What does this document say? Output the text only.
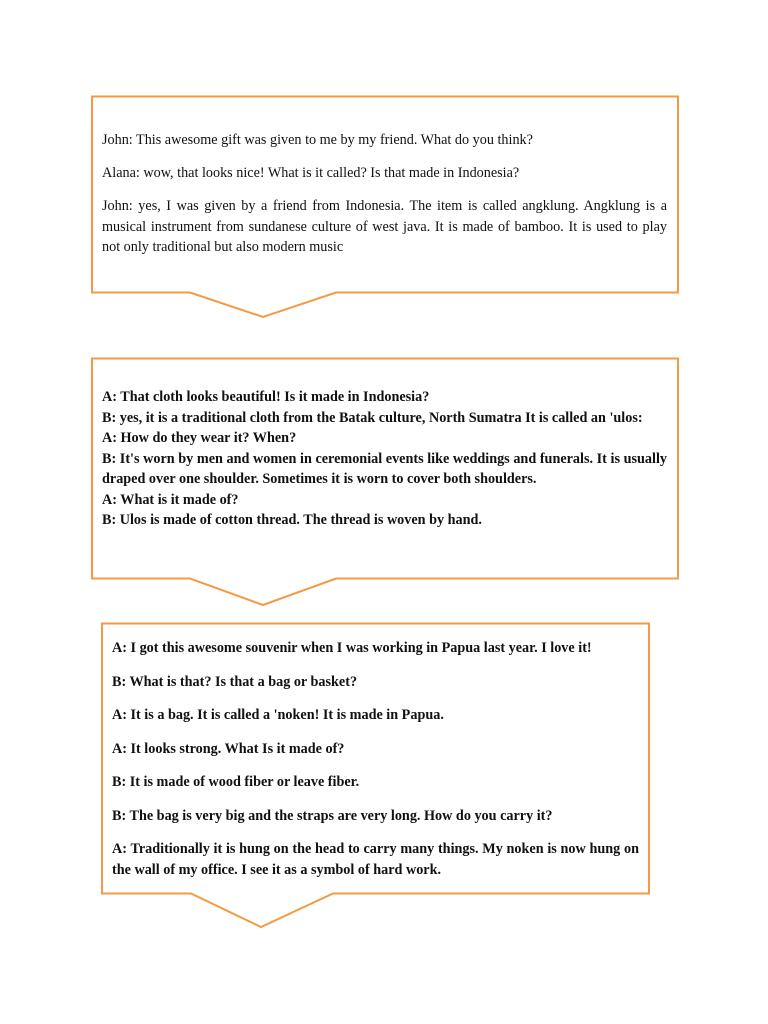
John: This awesome gift was given to me by my friend. What do you think?

Alana: wow, that looks nice! What is it called? Is that made in Indonesia?

John: yes, I was given by a friend from Indonesia. The item is called angklung. Angklung is a musical instrument from sundanese culture of west java. It is made of bamboo. It is used to play not only traditional but also modern music

A: That cloth looks beautiful! Is it made in Indonesia?

B: yes, it is a traditional cloth from the Batak culture, North Sumatra It is called an 'ulos:

A: How do they wear it? When?

B: It's worn by men and women in ceremonial events like weddings and funerals. It is usually draped over one shoulder. Sometimes it is worn to cover both shoulders.

A: What is it made of?

B: Ulos is made of cotton thread. The thread is woven by hand.

A: I got this awesome souvenir when I was working in Papua last year. I love it!

B: What is that? Is that a bag or basket?

A: It is a bag. It is called a 'noken! It is made in Papua.

A: It looks strong. What Is it made of?

B: It is made of wood fiber or leave fiber.

B: The bag is very big and the straps are very long. How do you carry it?

A: Traditionally it is hung on the head to carry many things. My noken is now hung on the wall of my office. I see it as a symbol of hard work.
